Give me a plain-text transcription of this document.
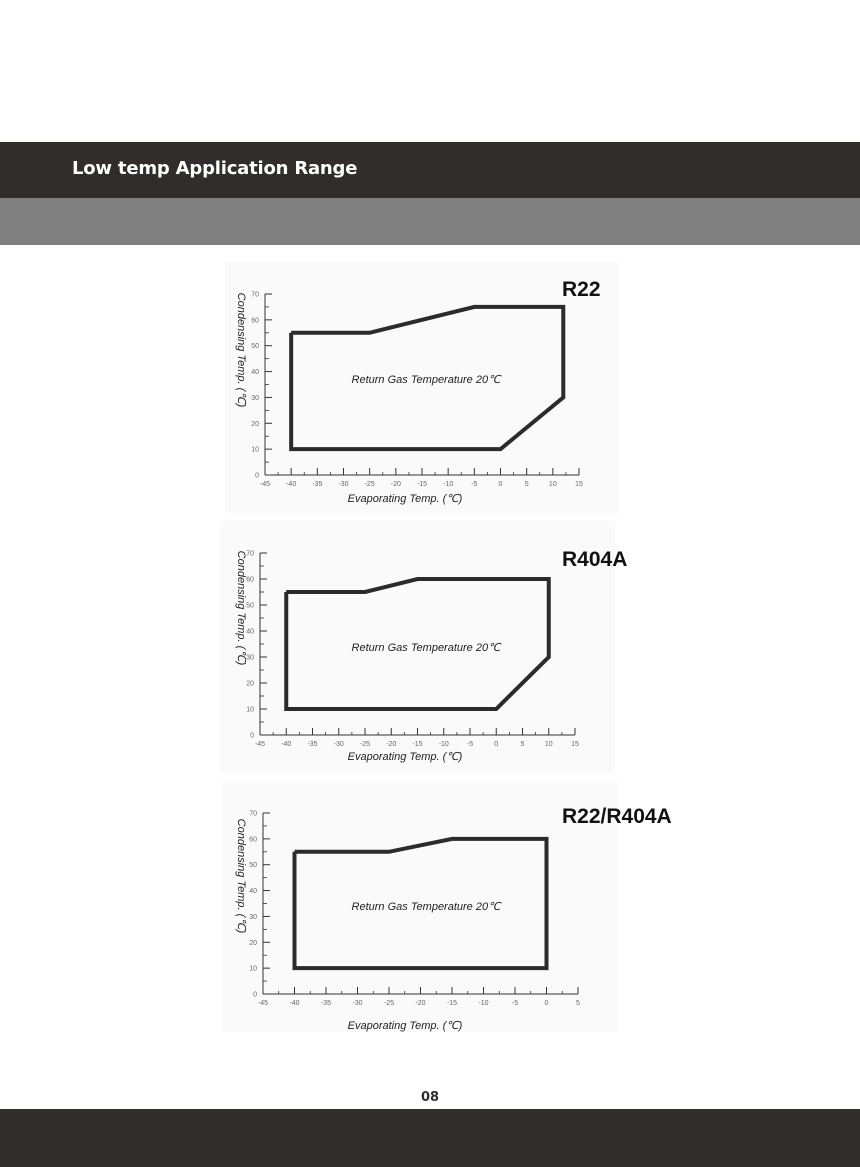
Low temp Application Range
-45 -40 -35 -30 -25 -20 -15 -10	-5	0	5	10	15
0
10
20
30
40
50
60
70
Return Gas Temperature 20℃
R22
Evaporating Temp. (℃)
Condensing Temp. (℃)
-45 -40 -35 -30 -25 -20 -15 -10	-5	0	5	10	15
0
10
20
30
40
50
60
70
Return Gas Temperature 20℃
R404A
Evaporating Temp. (℃)
Condensing Temp. (℃)
-45	-40	-35	-30	-25	-20	-15	-10	-5	0	5
0
10
20
30
40
50
60
70
Return Gas Temperature 20℃
R22/R404A
Evaporating Temp. (℃)
Condensing Temp. (℃)
08
